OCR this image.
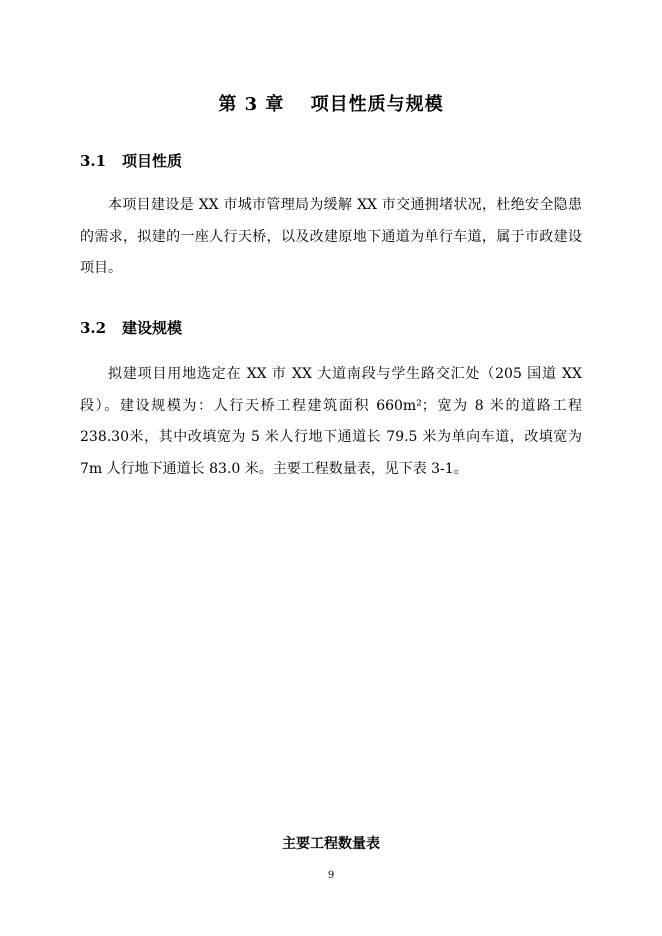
第 3 章　 项目性质与规模
3.1 项目性质
本项目建设是 XX 市城市管理局为缓解 XX 市交通拥堵状况，杜绝安全隐患的需求，拟建的一座人行天桥，以及改建原地下通道为单行车道，属于市政建设项目。
3.2 建设规模
拟建项目用地选定在 XX 市 XX 大道南段与学生路交汇处（205 国道 XX 段）。建设规模为：人行天桥工程建筑面积 660m²；宽为 8 米的道路工程 238.30米，其中改填宽为 5 米人行地下通道长 79.5 米为单向车道，改填宽为 7m 人行地下通道长 83.0 米。主要工程数量表，见下表 3-1。
主要工程数量表
9
